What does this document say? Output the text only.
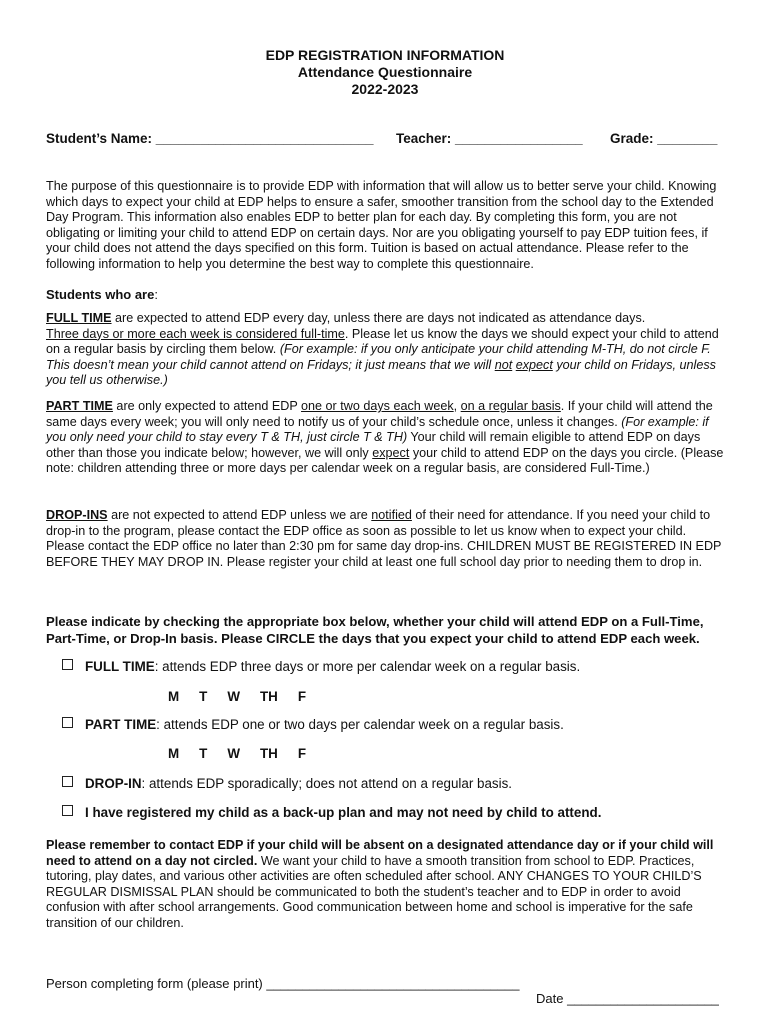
EDP REGISTRATION INFORMATION
Attendance Questionnaire
2022-2023
Student’s Name: _____________________________ Teacher: _________________ Grade: ________
The purpose of this questionnaire is to provide EDP with information that will allow us to better serve your child. Knowing which days to expect your child at EDP helps to ensure a safer, smoother transition from the school day to the Extended Day Program. This information also enables EDP to better plan for each day. By completing this form, you are not obligating or limiting your child to attend EDP on certain days. Nor are you obligating yourself to pay EDP tuition fees, if your child does not attend the days specified on this form. Tuition is based on actual attendance. Please refer to the following information to help you determine the best way to complete this questionnaire.
Students who are:
FULL TIME are expected to attend EDP every day, unless there are days not indicated as attendance days.
Three days or more each week is considered full-time. Please let us know the days we should expect your child to attend on a regular basis by circling them below. (For example: if you only anticipate your child attending M-TH, do not circle F. This doesn’t mean your child cannot attend on Fridays; it just means that we will not expect your child on Fridays, unless you tell us otherwise.)
PART TIME are only expected to attend EDP one or two days each week, on a regular basis. If your child will attend the same days every week; you will only need to notify us of your child’s schedule once, unless it changes. (For example: if you only need your child to stay every T & TH, just circle T & TH) Your child will remain eligible to attend EDP on days other than those you indicate below; however, we will only expect your child to attend EDP on the days you circle. (Please note: children attending three or more days per calendar week on a regular basis, are considered Full-Time.)
DROP-INS are not expected to attend EDP unless we are notified of their need for attendance. If you need your child to drop-in to the program, please contact the EDP office as soon as possible to let us know when to expect your child. Please contact the EDP office no later than 2:30 pm for same day drop-ins. CHILDREN MUST BE REGISTERED IN EDP BEFORE THEY MAY DROP IN. Please register your child at least one full school day prior to needing them to drop in.
Please indicate by checking the appropriate box below, whether your child will attend EDP on a Full-Time, Part-Time, or Drop-In basis. Please CIRCLE the days that you expect your child to attend EDP each week.
FULL TIME: attends EDP three days or more per calendar week on a regular basis.
M T W TH F
PART TIME: attends EDP one or two days per calendar week on a regular basis.
M T W TH F
DROP-IN: attends EDP sporadically; does not attend on a regular basis.
I have registered my child as a back-up plan and may not need by child to attend.
Please remember to contact EDP if your child will be absent on a designated attendance day or if your child will need to attend on a day not circled. We want your child to have a smooth transition from school to EDP. Practices, tutoring, play dates, and various other activities are often scheduled after school. ANY CHANGES TO YOUR CHILD’S REGULAR DISMISSAL PLAN should be communicated to both the student’s teacher and to EDP in order to avoid confusion with after school arrangements. Good communication between home and school is imperative for the safe transition of our children.

Person completing form (please print) ___________________________________

Date _____________________
